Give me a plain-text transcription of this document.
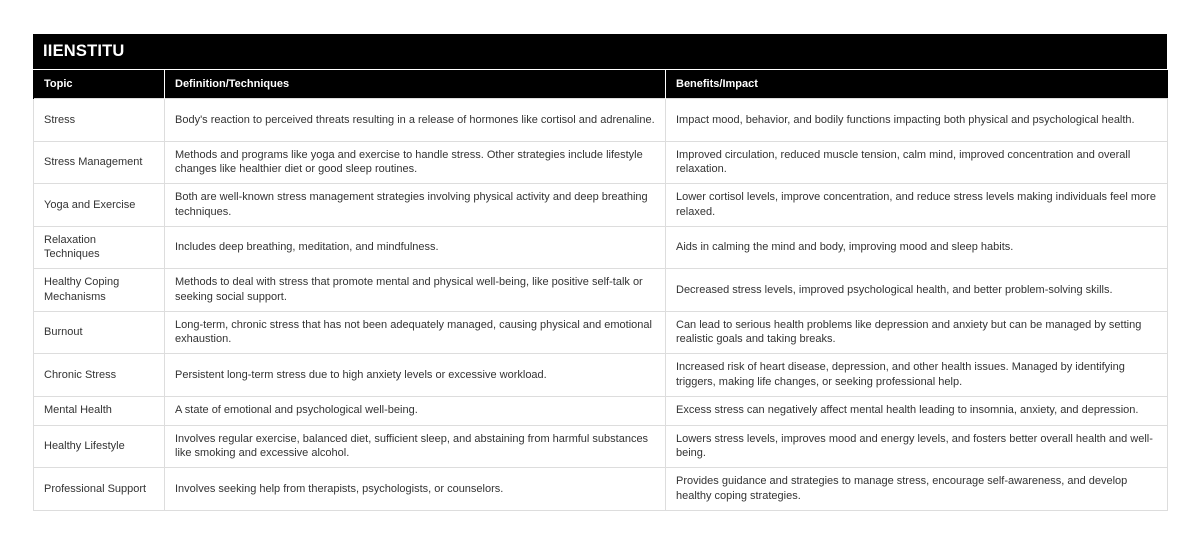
IIENSTITU
Topic	Definition/Techniques	Benefits/Impact
Stress	Body's reaction to perceived threats resulting in a release of hormones like cortisol and adrenaline.	Impact mood, behavior, and bodily functions impacting both physical and psychological health.
Stress Management	Methods and programs like yoga and exercise to handle stress. Other strategies include lifestyle changes like healthier diet or good sleep routines.	Improved circulation, reduced muscle tension, calm mind, improved concentration and overall relaxation.
Yoga and Exercise	Both are well-known stress management strategies involving physical activity and deep breathing techniques.	Lower cortisol levels, improve concentration, and reduce stress levels making individuals feel more relaxed.
Relaxation Techniques	Includes deep breathing, meditation, and mindfulness.	Aids in calming the mind and body, improving mood and sleep habits.
Healthy Coping Mechanisms	Methods to deal with stress that promote mental and physical well-being, like positive self-talk or seeking social support.	Decreased stress levels, improved psychological health, and better problem-solving skills.
Burnout	Long-term, chronic stress that has not been adequately managed, causing physical and emotional exhaustion.	Can lead to serious health problems like depression and anxiety but can be managed by setting realistic goals and taking breaks.
Chronic Stress	Persistent long-term stress due to high anxiety levels or excessive workload.	Increased risk of heart disease, depression, and other health issues. Managed by identifying triggers, making life changes, or seeking professional help.
Mental Health	A state of emotional and psychological well-being.	Excess stress can negatively affect mental health leading to insomnia, anxiety, and depression.
Healthy Lifestyle	Involves regular exercise, balanced diet, sufficient sleep, and abstaining from harmful substances like smoking and excessive alcohol.	Lowers stress levels, improves mood and energy levels, and fosters better overall health and well-being.
Professional Support	Involves seeking help from therapists, psychologists, or counselors.	Provides guidance and strategies to manage stress, encourage self-awareness, and develop healthy coping strategies.
